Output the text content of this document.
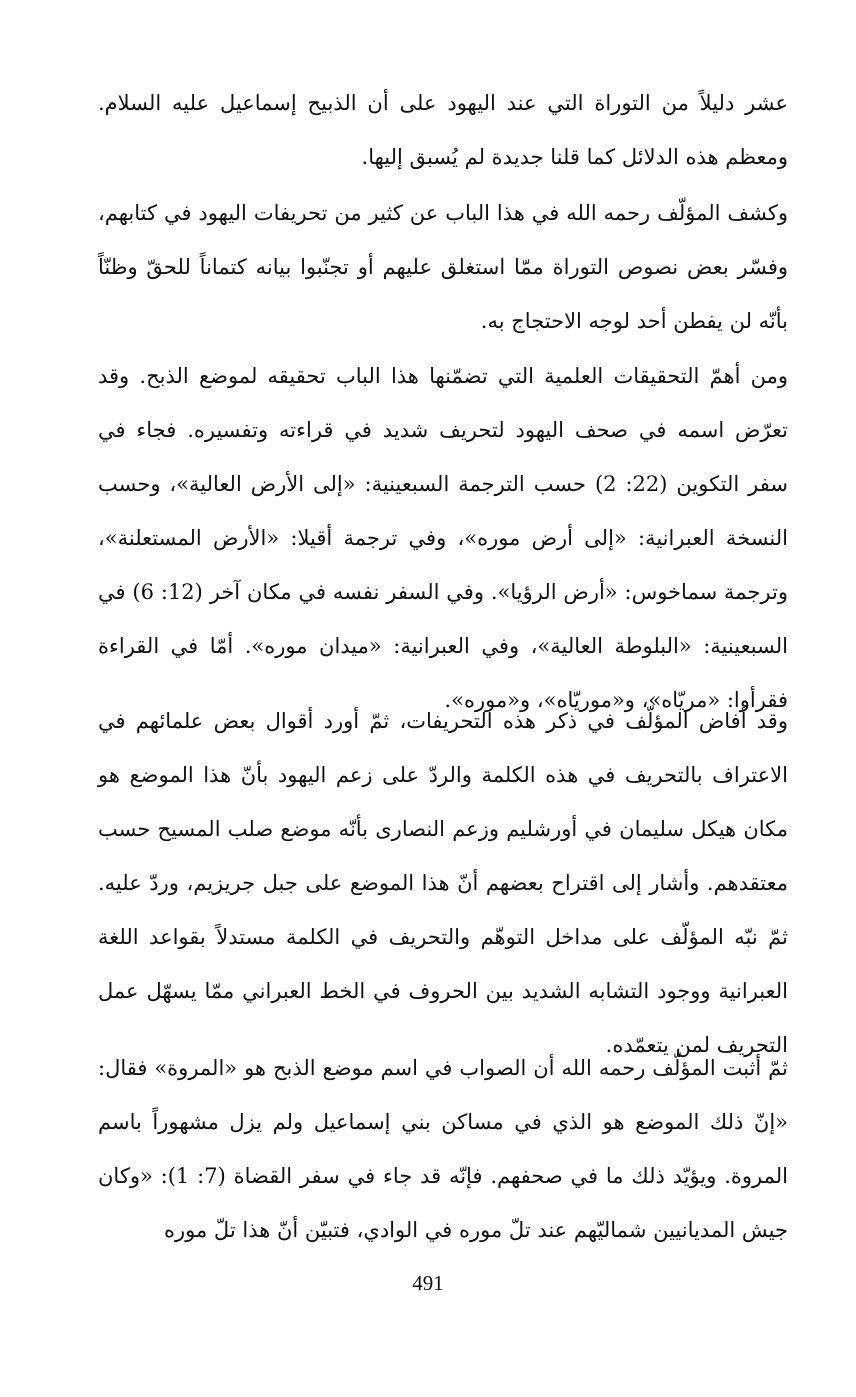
عشر دليلاً من التوراة التي عند اليهود على أن الذبيح إسماعيل عليه السلام. ومعظم هذه الدلائل كما قلنا جديدة لم يُسبق إليها.

وكشف المؤلّف رحمه الله في هذا الباب عن كثير من تحريفات اليهود في كتابهم، وفسّر بعض نصوص التوراة ممّا استغلق عليهم أو تجنّبوا بيانه كتماناً للحقّ وظنّاً بأنّه لن يفطن أحد لوجه الاحتجاج به.

ومن أهمّ التحقيقات العلمية التي تضمّنها هذا الباب تحقيقه لموضع الذبح. وقد تعرّض اسمه في صحف اليهود لتحريف شديد في قراءته وتفسيره. فجاء في سفر التكوين (22: 2) حسب الترجمة السبعينية: «إلى الأرض العالية»، وحسب النسخة العبرانية: «إلى أرض موره»، وفي ترجمة أقيلا: «الأرض المستعلنة»، وترجمة سماخوس: «أرض الرؤيا». وفي السفر نفسه في مكان آخر (12: 6) في السبعينية: «البلوطة العالية»، وفي العبرانية: «ميدان موره». أمّا في القراءة فقرأوا: «مريّاه»، و«موريّاه»، و«موره».

وقد أفاض المؤلّف في ذكر هذه التحريفات، ثمّ أورد أقوال بعض علمائهم في الاعتراف بالتحريف في هذه الكلمة والردّ على زعم اليهود بأنّ هذا الموضع هو مكان هيكل سليمان في أورشليم وزعم النصارى بأنّه موضع صلب المسيح حسب معتقدهم. وأشار إلى اقتراح بعضهم أنّ هذا الموضع على جبل جريزيم، وردّ عليه. ثمّ نبّه المؤلّف على مداخل التوهّم والتحريف في الكلمة مستدلاً بقواعد اللغة العبرانية ووجود التشابه الشديد بين الحروف في الخط العبراني ممّا يسهّل عمل التحريف لمن يتعمّده.

ثمّ أثبت المؤلّف رحمه الله أن الصواب في اسم موضع الذبح هو «المروة» فقال: «إنّ ذلك الموضع هو الذي في مساكن بني إسماعيل ولم يزل مشهوراً باسم المروة. ويؤيّد ذلك ما في صحفهم. فإنّه قد جاء في سفر القضاة (7: 1): «وكان جيش المديانيين شماليّهم عند تلّ موره في الوادي، فتبيّن أنّ هذا تلّ موره

491
